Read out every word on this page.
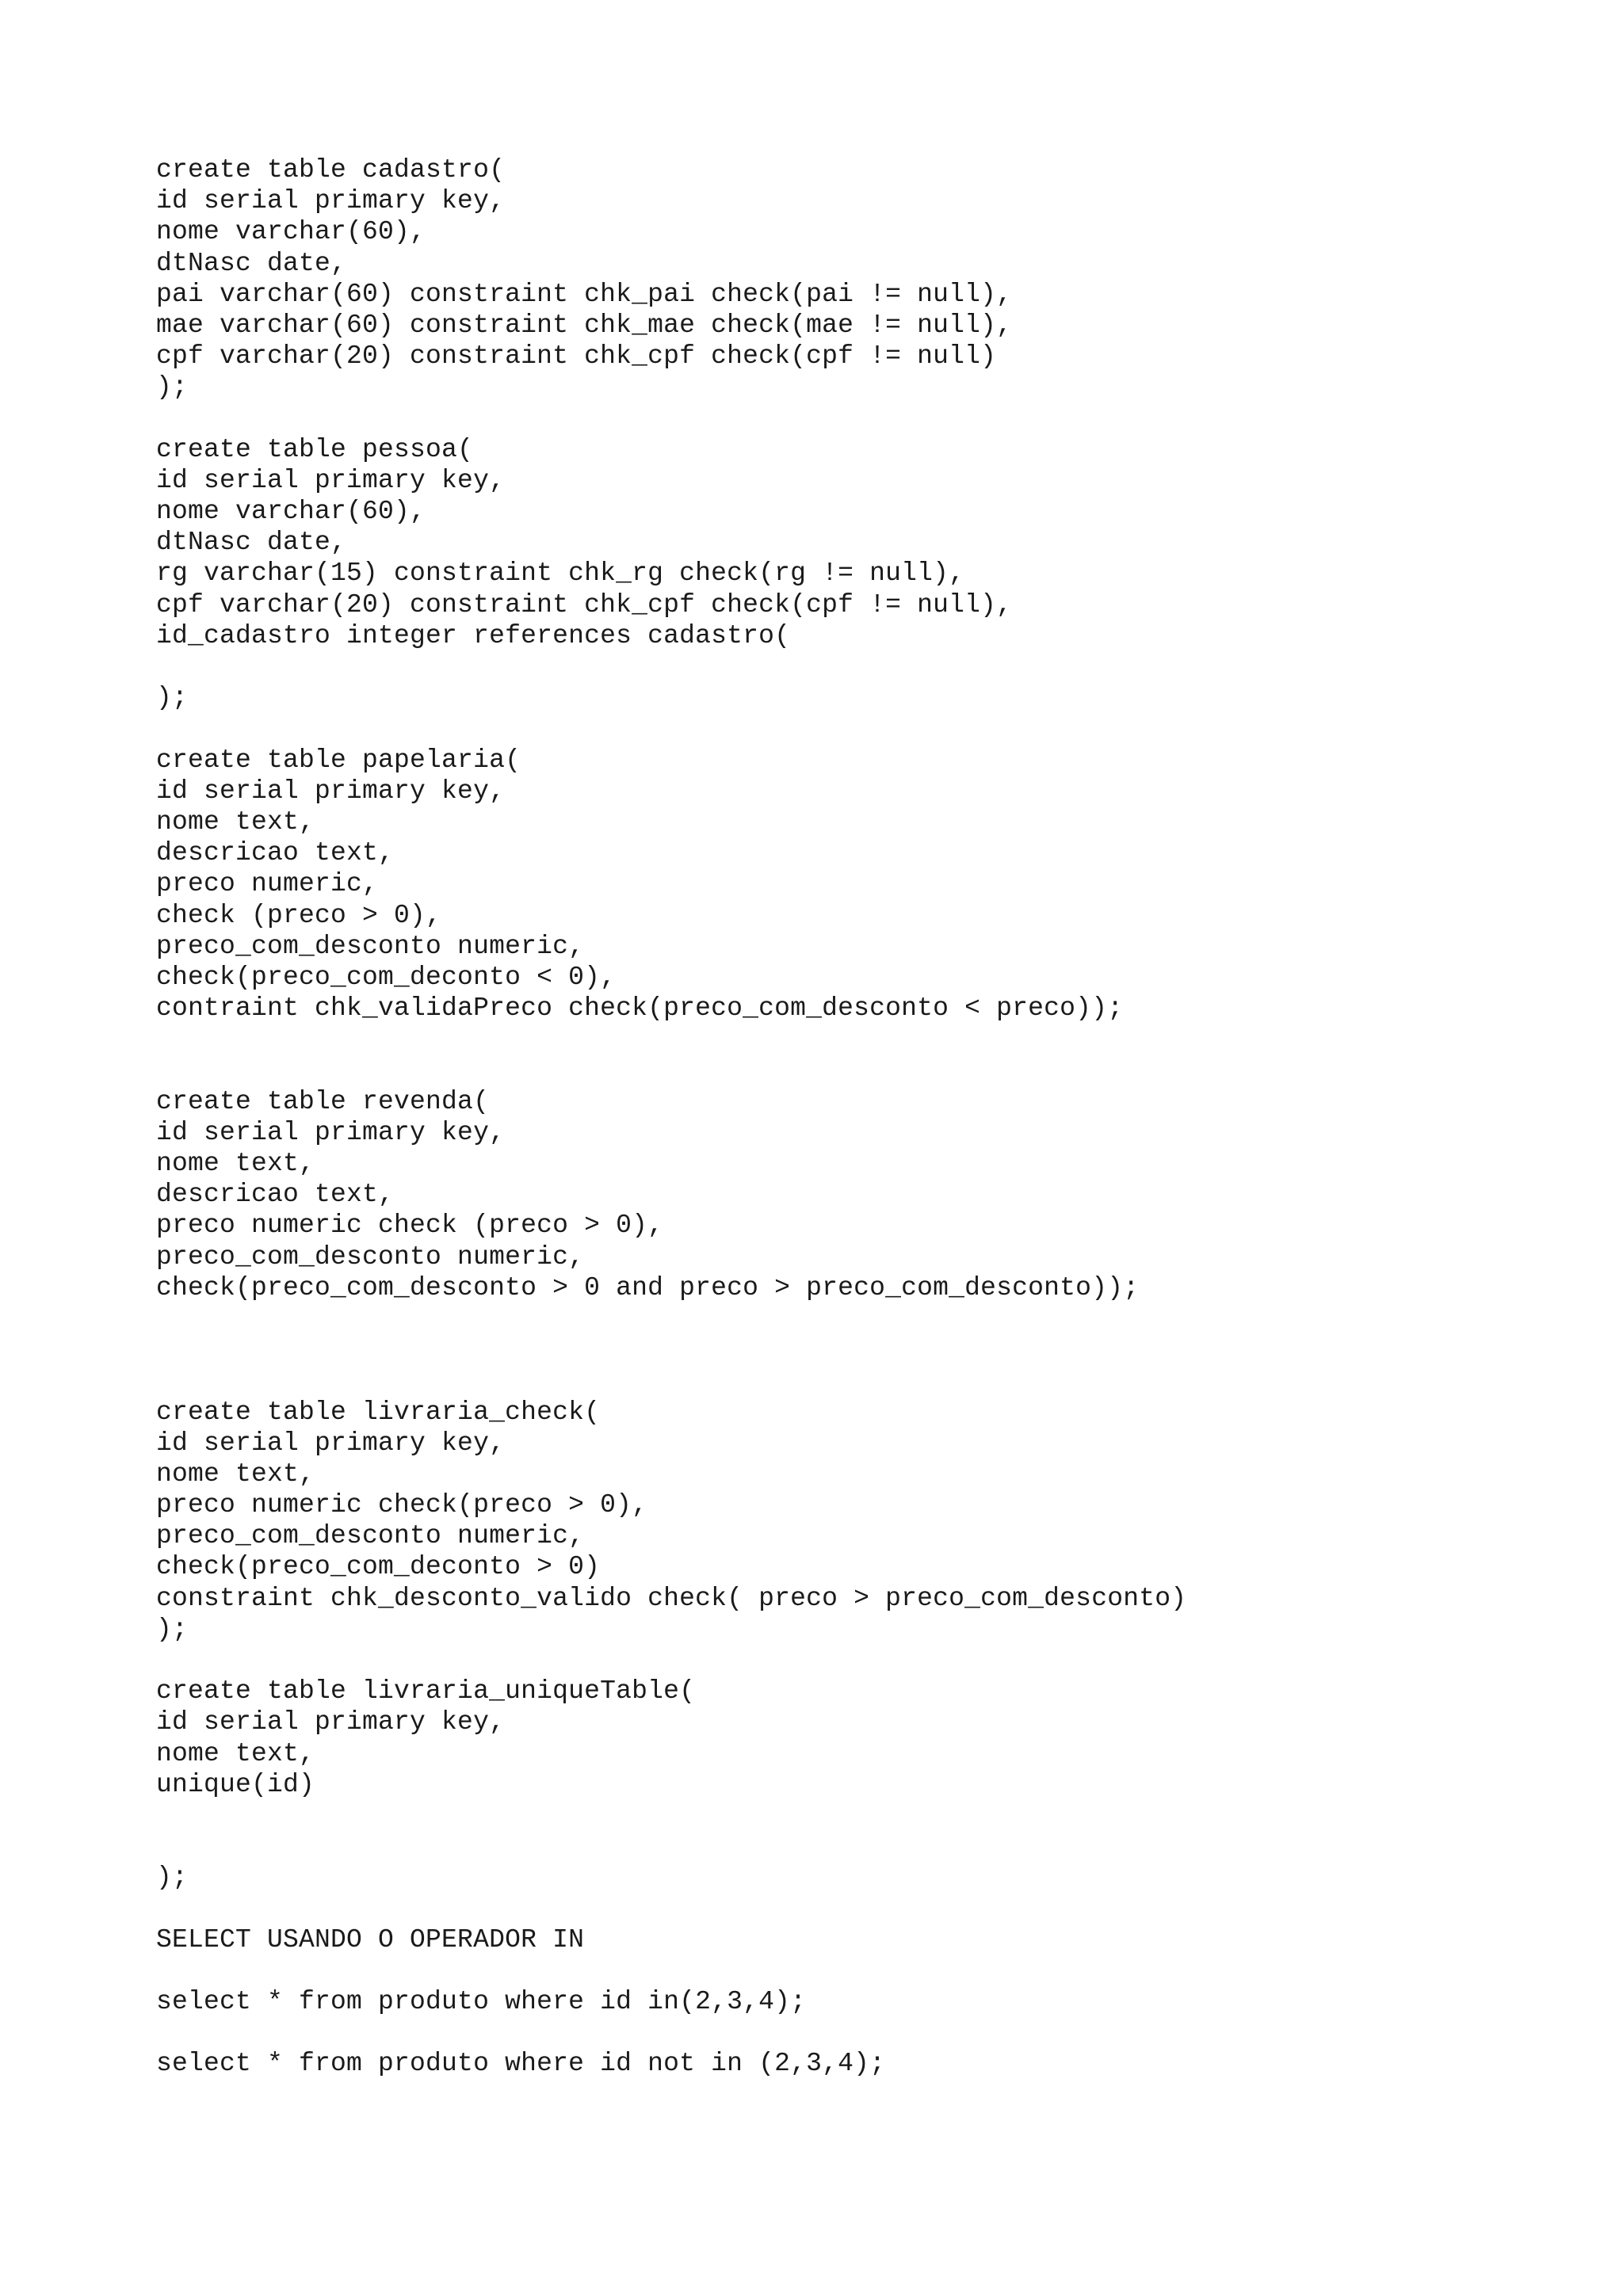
create table cadastro(
id serial primary key,
nome varchar(60),
dtNasc date,
pai varchar(60) constraint chk_pai check(pai != null),
mae varchar(60) constraint chk_mae check(mae != null),
cpf varchar(20) constraint chk_cpf check(cpf != null)
);
create table pessoa(
id serial primary key,
nome varchar(60),
dtNasc date,
rg varchar(15) constraint chk_rg check(rg != null),
cpf varchar(20) constraint chk_cpf check(cpf != null),
id_cadastro integer references cadastro(
);
create table papelaria(
id serial primary key,
nome text,
descricao text,
preco numeric,
check (preco > 0),
preco_com_desconto numeric,
check(preco_com_deconto < 0),
contraint chk_validaPreco check(preco_com_desconto < preco));
create table revenda(
id serial primary key,
nome text,
descricao text,
preco numeric check (preco > 0),
preco_com_desconto numeric,
check(preco_com_desconto > 0 and preco > preco_com_desconto));
create table livraria_check(
id serial primary key,
nome text,
preco numeric check(preco > 0),
preco_com_desconto numeric,
check(preco_com_deconto > 0)
constraint chk_desconto_valido check( preco > preco_com_desconto)
);
create table livraria_uniqueTable(
id serial primary key,
nome text,
unique(id)
);
SELECT USANDO O OPERADOR IN
select * from produto where id in(2,3,4);
select * from produto where id not in (2,3,4);
